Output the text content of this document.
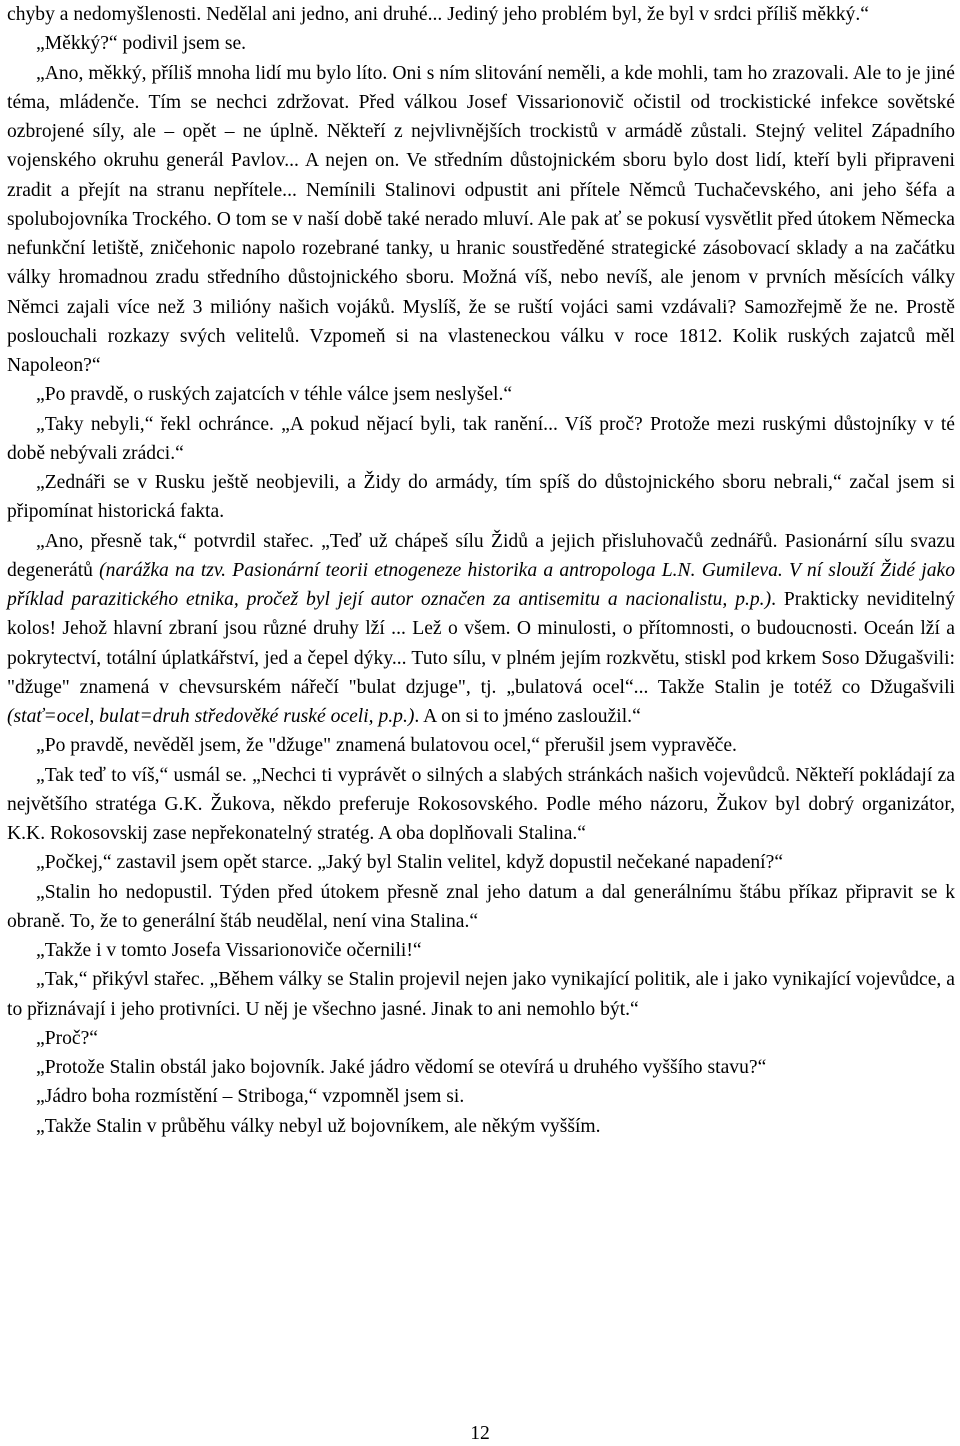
chyby a nedomyšlenosti. Nedělal ani jedno, ani druhé... Jediný jeho problém byl, že byl v srdci příliš měkký.“

„Měkký?“ podivil jsem se.

„Ano, měkký, příliš mnoha lidí mu bylo líto. Oni s ním slitování neměli, a kde mohli, tam ho zrazovali. Ale to je jiné téma, mládenče. Tím se nechci zdržovat. Před válkou Josef Vissarionovič očistil od trockistické infekce sovětské ozbrojené síly, ale – opět – ne úplně. Někteří z nejvlivnějších trockistů v armádě zůstali. Stejný velitel Západního vojenského okruhu generál Pavlov... A nejen on. Ve středním důstojnickém sboru bylo dost lidí, kteří byli připraveni zradit a přejít na stranu nepřítele... Nemínili Stalinovi odpustit ani přítele Němců Tuchačevského, ani jeho šéfa a spolubojovníka Trockého. O tom se v naší době také nerado mluví. Ale pak ať se pokusí vysvětlit před útokem Německa nefunkční letiště, zničehonic napolo rozebrané tanky, u hranic soustředěné strategické zásobovací sklady a na začátku války hromadnou zradu středního důstojnického sboru. Možná víš, nebo nevíš, ale jenom v prvních měsících války Němci zajali více než 3 milióny našich vojáků. Myslíš, že se ruští vojáci sami vzdávali? Samozřejmě že ne. Prostě poslouchali rozkazy svých velitelů. Vzpomeň si na vlasteneckou válku v roce 1812. Kolik ruských zajatců měl Napoleon?“

„Po pravdě, o ruských zajatcích v téhle válce jsem neslyšel.“

„Taky nebyli,“ řekl ochránce. „A pokud nějací byli, tak ranění... Víš proč? Protože mezi ruskými důstojníky v té době nebývali zrádci.“

„Zednáři se v Rusku ještě neobjevili, a Židy do armády, tím spíš do důstojnického sboru nebrali,“ začal jsem si připomínat historická fakta.

„Ano, přesně tak,“ potvrdil stařec. „Teď už chápeš sílu Židů a jejich přisluhovačů zednářů. Pasionární sílu svazu degenerátů (narážka na tzv. Pasionární teorii etnogeneze historika a antropologa L.N. Gumileva. V ní slouží Židé jako příklad parazitického etnika, pročež byl její autor označen za antisemitu a nacionalistu, p.p.). Prakticky neviditelný kolos! Jehož hlavní zbraní jsou různé druhy lží ... Lež o všem. O minulosti, o přítomnosti, o budoucnosti. Oceán lží a pokrytectví, totální úplatkářství, jed a čepel dýky... Tuto sílu, v plném jejím rozkvětu, stiskl pod krkem Soso Džugašvili: "džuge" znamená v chevsurském nářečí "bulat dzjuge", tj. „bulatová ocel“... Takže Stalin je totéž co Džugašvili (stať=ocel, bulat=druh středověké ruské oceli, p.p.). A on si to jméno zasloužil.“

„Po pravdě, nevěděl jsem, že "džuge" znamená bulatovou ocel,“ přerušil jsem vypravěče.

„Tak teď to víš,“ usmál se. „Nechci ti vyprávět o silných a slabých stránkách našich vojevůdců. Někteří pokládají za největšího stratéga G.K. Žukova, někdo preferuje Rokosovského. Podle mého názoru, Žukov byl dobrý organizátor, K.K. Rokosovskij zase nepřekonatelný stratég. A oba doplňovali Stalina.“

„Počkej,“ zastavil jsem opět starce. „Jaký byl Stalin velitel, když dopustil nečekané napadení?“

„Stalin ho nedopustil. Týden před útokem přesně znal jeho datum a dal generálnímu štábu příkaz připravit se k obraně. To, že to generální štáb neudělal, není vina Stalina.“

„Takže i v tomto Josefa Vissarionoviče očernili!“

„Tak,“ přikývl stařec. „Během války se Stalin projevil nejen jako vynikající politik, ale i jako vynikající vojevůdce, a to přiznávají i jeho protivníci. U něj je všechno jasné. Jinak to ani nemohlo být.“

„Proč?“

„Protože Stalin obstál jako bojovník. Jaké jádro vědomí se otevírá u druhého vyššího stavu?“

„Jádro boha rozmístění – Striboga,“ vzpomněl jsem si.

„Takže Stalin v průběhu války nebyl už bojovníkem, ale někým vyšším.

12
